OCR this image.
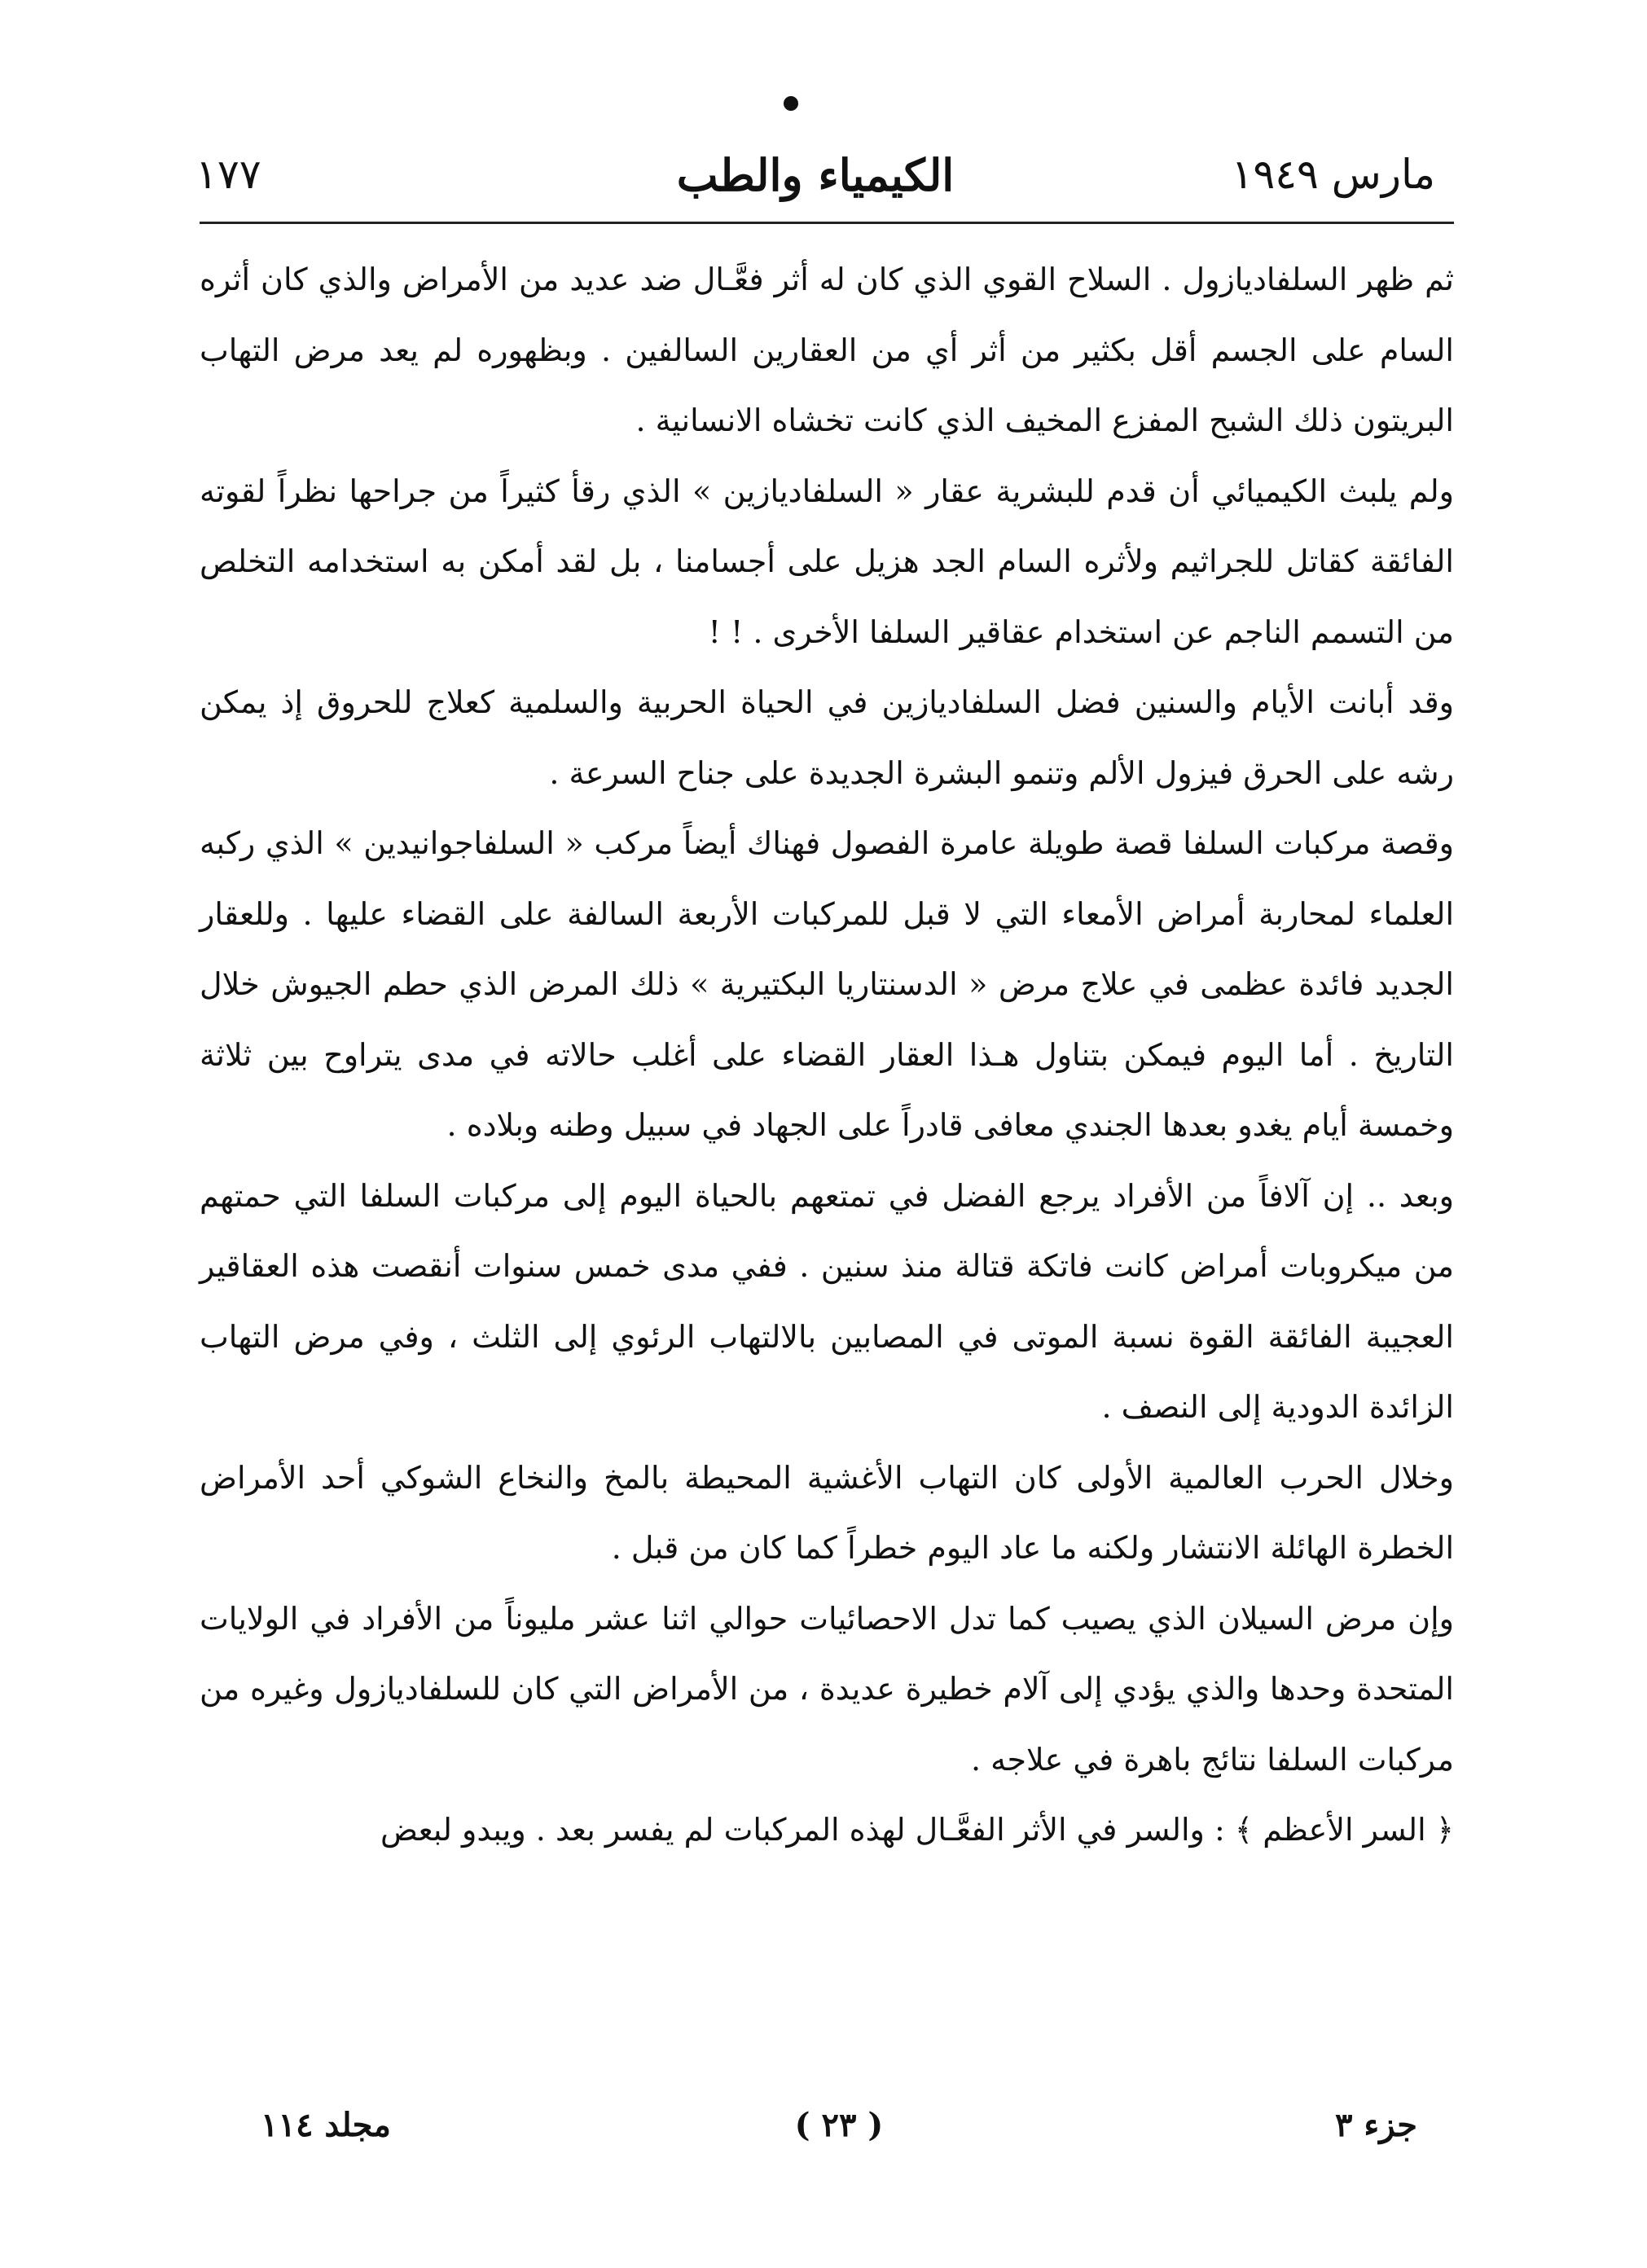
مارس ١٩٤٩
الكيمياء والطب
١٧٧

ثم ظهر السلفاديازول . السلاح القوي الذي كان له أثر فعَّـال ضد عديد من الأمراض والذي كان أثره السام على الجسم أقل بكثير من أثر أي من العقارين السالفين . وبظهوره لم يعد مرض التهاب البريتون ذلك الشبح المفزع المخيف الذي كانت تخشاه الانسانية .

ولم يلبث الكيميائي أن قدم للبشرية عقار « السلفاديازين » الذي رقأ كثيراً من جراحها نظراً لقوته الفائقة كقاتل للجراثيم ولأثره السام الجد هزيل على أجسامنا ، بل لقد أمكن به استخدامه التخلص من التسمم الناجم عن استخدام عقاقير السلفا الأخرى . ! !

وقد أبانت الأيام والسنين فضل السلفاديازين في الحياة الحربية والسلمية كعلاج للحروق إذ يمكن رشه على الحرق فيزول الألم وتنمو البشرة الجديدة على جناح السرعة .

وقصة مركبات السلفا قصة طويلة عامرة الفصول فهناك أيضاً مركب « السلفاجوانيدين » الذي ركبه العلماء لمحاربة أمراض الأمعاء التي لا قبل للمركبات الأربعة السالفة على القضاء عليها . وللعقار الجديد فائدة عظمى في علاج مرض « الدسنتاريا البكتيرية » ذلك المرض الذي حطم الجيوش خلال التاريخ . أما اليوم فيمكن بتناول هـذا العقار القضاء على أغلب حالاته في مدى يتراوح بين ثلاثة وخمسة أيام يغدو بعدها الجندي معافى قادراً على الجهاد في سبيل وطنه وبلاده .

وبعد .. إن آلافاً من الأفراد يرجع الفضل في تمتعهم بالحياة اليوم إلى مركبات السلفا التي حمتهم من ميكروبات أمراض كانت فاتكة قتالة منذ سنين . ففي مدى خمس سنوات أنقصت هذه العقاقير العجيبة الفائقة القوة نسبة الموتى في المصابين بالالتهاب الرئوي إلى الثلث ، وفي مرض التهاب الزائدة الدودية إلى النصف .

وخلال الحرب العالمية الأولى كان التهاب الأغشية المحيطة بالمخ والنخاع الشوكي أحد الأمراض الخطرة الهائلة الانتشار ولكنه ما عاد اليوم خطراً كما كان من قبل .

وإن مرض السيلان الذي يصيب كما تدل الاحصائيات حوالي اثنا عشر مليوناً من الأفراد في الولايات المتحدة وحدها والذي يؤدي إلى آلام خطيرة عديدة ، من الأمراض التي كان للسلفاديازول وغيره من مركبات السلفا نتائج باهرة في علاجه .

﴿ السر الأعظم ﴾ : والسر في الأثر الفعَّـال لهذه المركبات لم يفسر بعد . ويبدو لبعض

جزء ٣
( ٢٣ )
مجلد ١١٤
